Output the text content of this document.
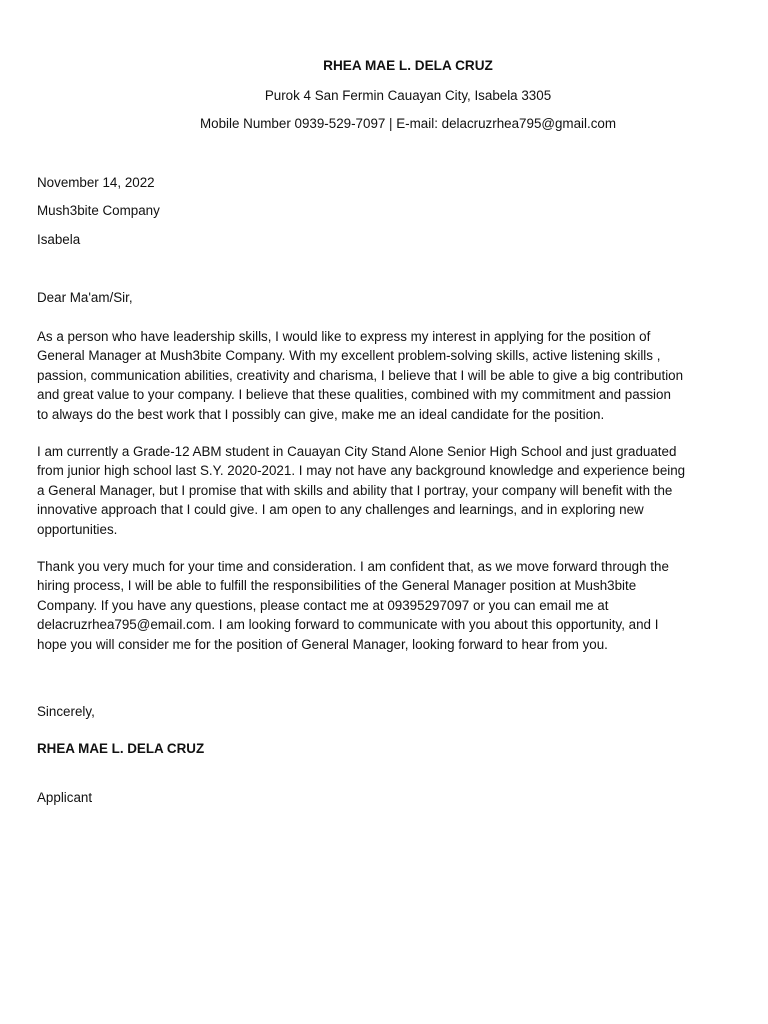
RHEA MAE L. DELA CRUZ
Purok 4 San Fermin Cauayan City, Isabela 3305
Mobile Number 0939-529-7097 | E-mail: delacruzrhea795@gmail.com
November 14, 2022
Mush3bite Company
Isabela
Dear Ma'am/Sir,
As a person who have leadership skills, I would like to express my interest in applying for the position of
General Manager at Mush3bite Company. With my excellent problem-solving skills, active listening skills ,
passion, communication abilities, creativity and charisma, I believe that I will be able to give a big contribution
and great value to your company. I believe that these qualities, combined with my commitment and passion
to always do the best work that I possibly can give, make me an ideal candidate for the position.
I am currently a Grade-12 ABM student in Cauayan City Stand Alone Senior High School and just graduated
from junior high school last S.Y. 2020-2021. I may not have any background knowledge and experience being
a General Manager, but I promise that with skills and ability that I portray, your company will benefit with the
innovative approach that I could give. I am open to any challenges and learnings, and in exploring new
opportunities.
Thank you very much for your time and consideration. I am confident that, as we move forward through the
hiring process, I will be able to fulfill the responsibilities of the General Manager position at Mush3bite
Company. If you have any questions, please contact me at 09395297097 or you can email me at
delacruzrhea795@email.com. I am looking forward to communicate with you about this opportunity, and I
hope you will consider me for the position of General Manager, looking forward to hear from you.
Sincerely,
RHEA MAE L. DELA CRUZ
Applicant
